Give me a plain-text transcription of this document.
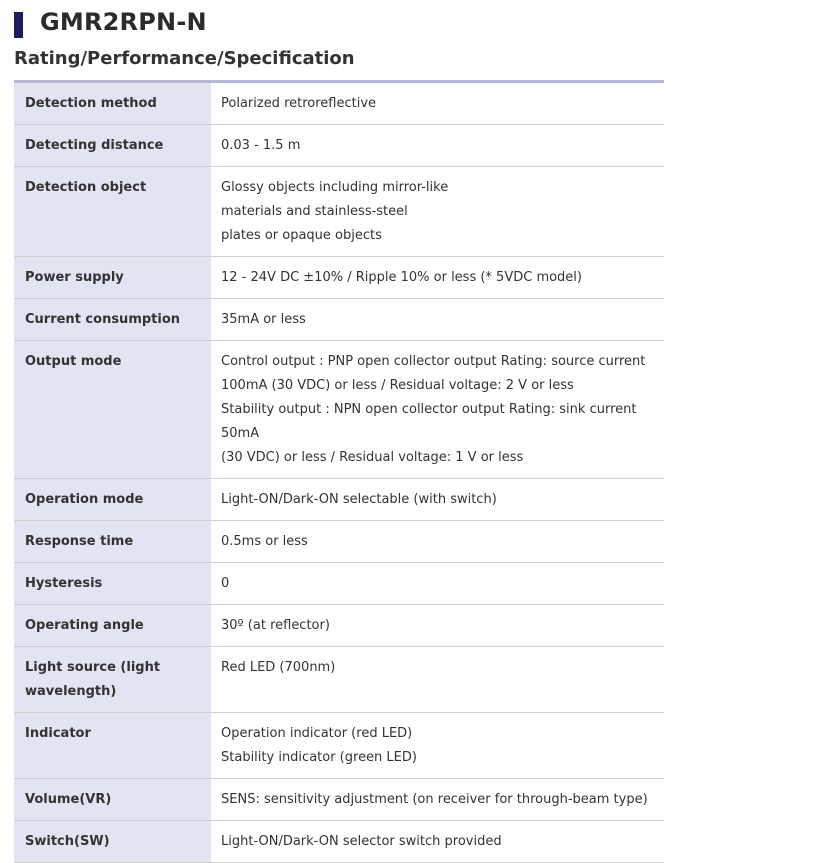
GMR2RPN-N
Rating/Performance/Specification
Detection method	Polarized retroreflective

Detecting distance	0.03 - 1.5 m

Detection object	Glossy objects including mirror-like
materials and stainless-steel
plates or opaque objects

Power supply	12 - 24V DC ±10% / Ripple 10% or less (* 5VDC model)

Current consumption	35mA or less

Output mode	Control output : PNP open collector output Rating: source current
100mA (30 VDC) or less / Residual voltage: 2 V or less
Stability output : NPN open collector output Rating: sink current 50mA
(30 VDC) or less / Residual voltage: 1 V or less

Operation mode	Light-ON/Dark-ON selectable (with switch)

Response time	0.5ms or less

Hysteresis	0

Operating angle	30º (at reflector)

Light source (light wavelength)	Red LED (700nm)

Indicator	Operation indicator (red LED)
Stability indicator (green LED)

Volume(VR)	SENS: sensitivity adjustment (on receiver for through-beam type)

Switch(SW)	Light-ON/Dark-ON selector switch provided
